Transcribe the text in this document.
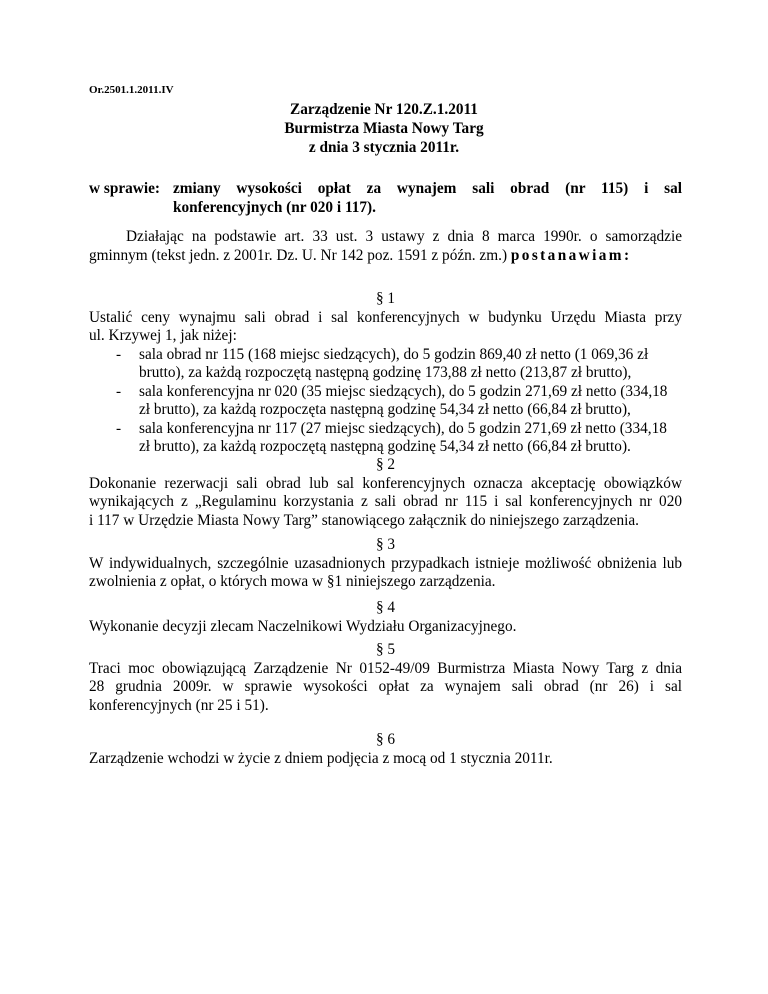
Or.2501.1.2011.IV
Zarządzenie Nr 120.Z.1.2011
Burmistrza Miasta Nowy Targ
z dnia 3 stycznia 2011r.
w sprawie: zmiany wysokości opłat za wynajem sali obrad (nr 115) i sal
konferencyjnych (nr 020 i 117).
Działając na podstawie art. 33 ust. 3 ustawy z dnia 8 marca 1990r. o samorządzie
gminnym (tekst jedn. z 2001r. Dz. U. Nr 142 poz. 1591 z późn. zm.) postanawiam:
§ 1
Ustalić ceny wynajmu sali obrad i sal konferencyjnych w budynku Urzędu Miasta przy
ul. Krzywej 1, jak niżej:
-	sala obrad nr 115 (168 miejsc siedzących), do 5 godzin 869,40 zł netto (1 069,36 zł
brutto), za każdą rozpoczętą następną godzinę 173,88 zł netto (213,87 zł brutto),
-	sala konferencyjna nr 020 (35 miejsc siedzących), do 5 godzin 271,69 zł netto (334,18
zł brutto), za każdą rozpoczęta następną godzinę 54,34 zł netto (66,84 zł brutto),
-	sala konferencyjna nr 117 (27 miejsc siedzących), do 5 godzin 271,69 zł netto (334,18
zł brutto), za każdą rozpoczętą następną godzinę 54,34 zł netto (66,84 zł brutto).
§ 2
Dokonanie rezerwacji sali obrad lub sal konferencyjnych oznacza akceptację obowiązków
wynikających z „Regulaminu korzystania z sali obrad nr 115 i sal konferencyjnych nr 020
i 117 w Urzędzie Miasta Nowy Targ” stanowiącego załącznik do niniejszego zarządzenia.
§ 3
W indywidualnych, szczególnie uzasadnionych przypadkach istnieje możliwość obniżenia lub
zwolnienia z opłat, o których mowa w §1 niniejszego zarządzenia.
§ 4
Wykonanie decyzji zlecam Naczelnikowi Wydziału Organizacyjnego.
§ 5
Traci moc obowiązującą Zarządzenie Nr 0152-49/09 Burmistrza Miasta Nowy Targ z dnia
28 grudnia 2009r. w sprawie wysokości opłat za wynajem sali obrad (nr 26) i sal
konferencyjnych (nr 25 i 51).
§ 6
Zarządzenie wchodzi w życie z dniem podjęcia z mocą od 1 stycznia 2011r.
